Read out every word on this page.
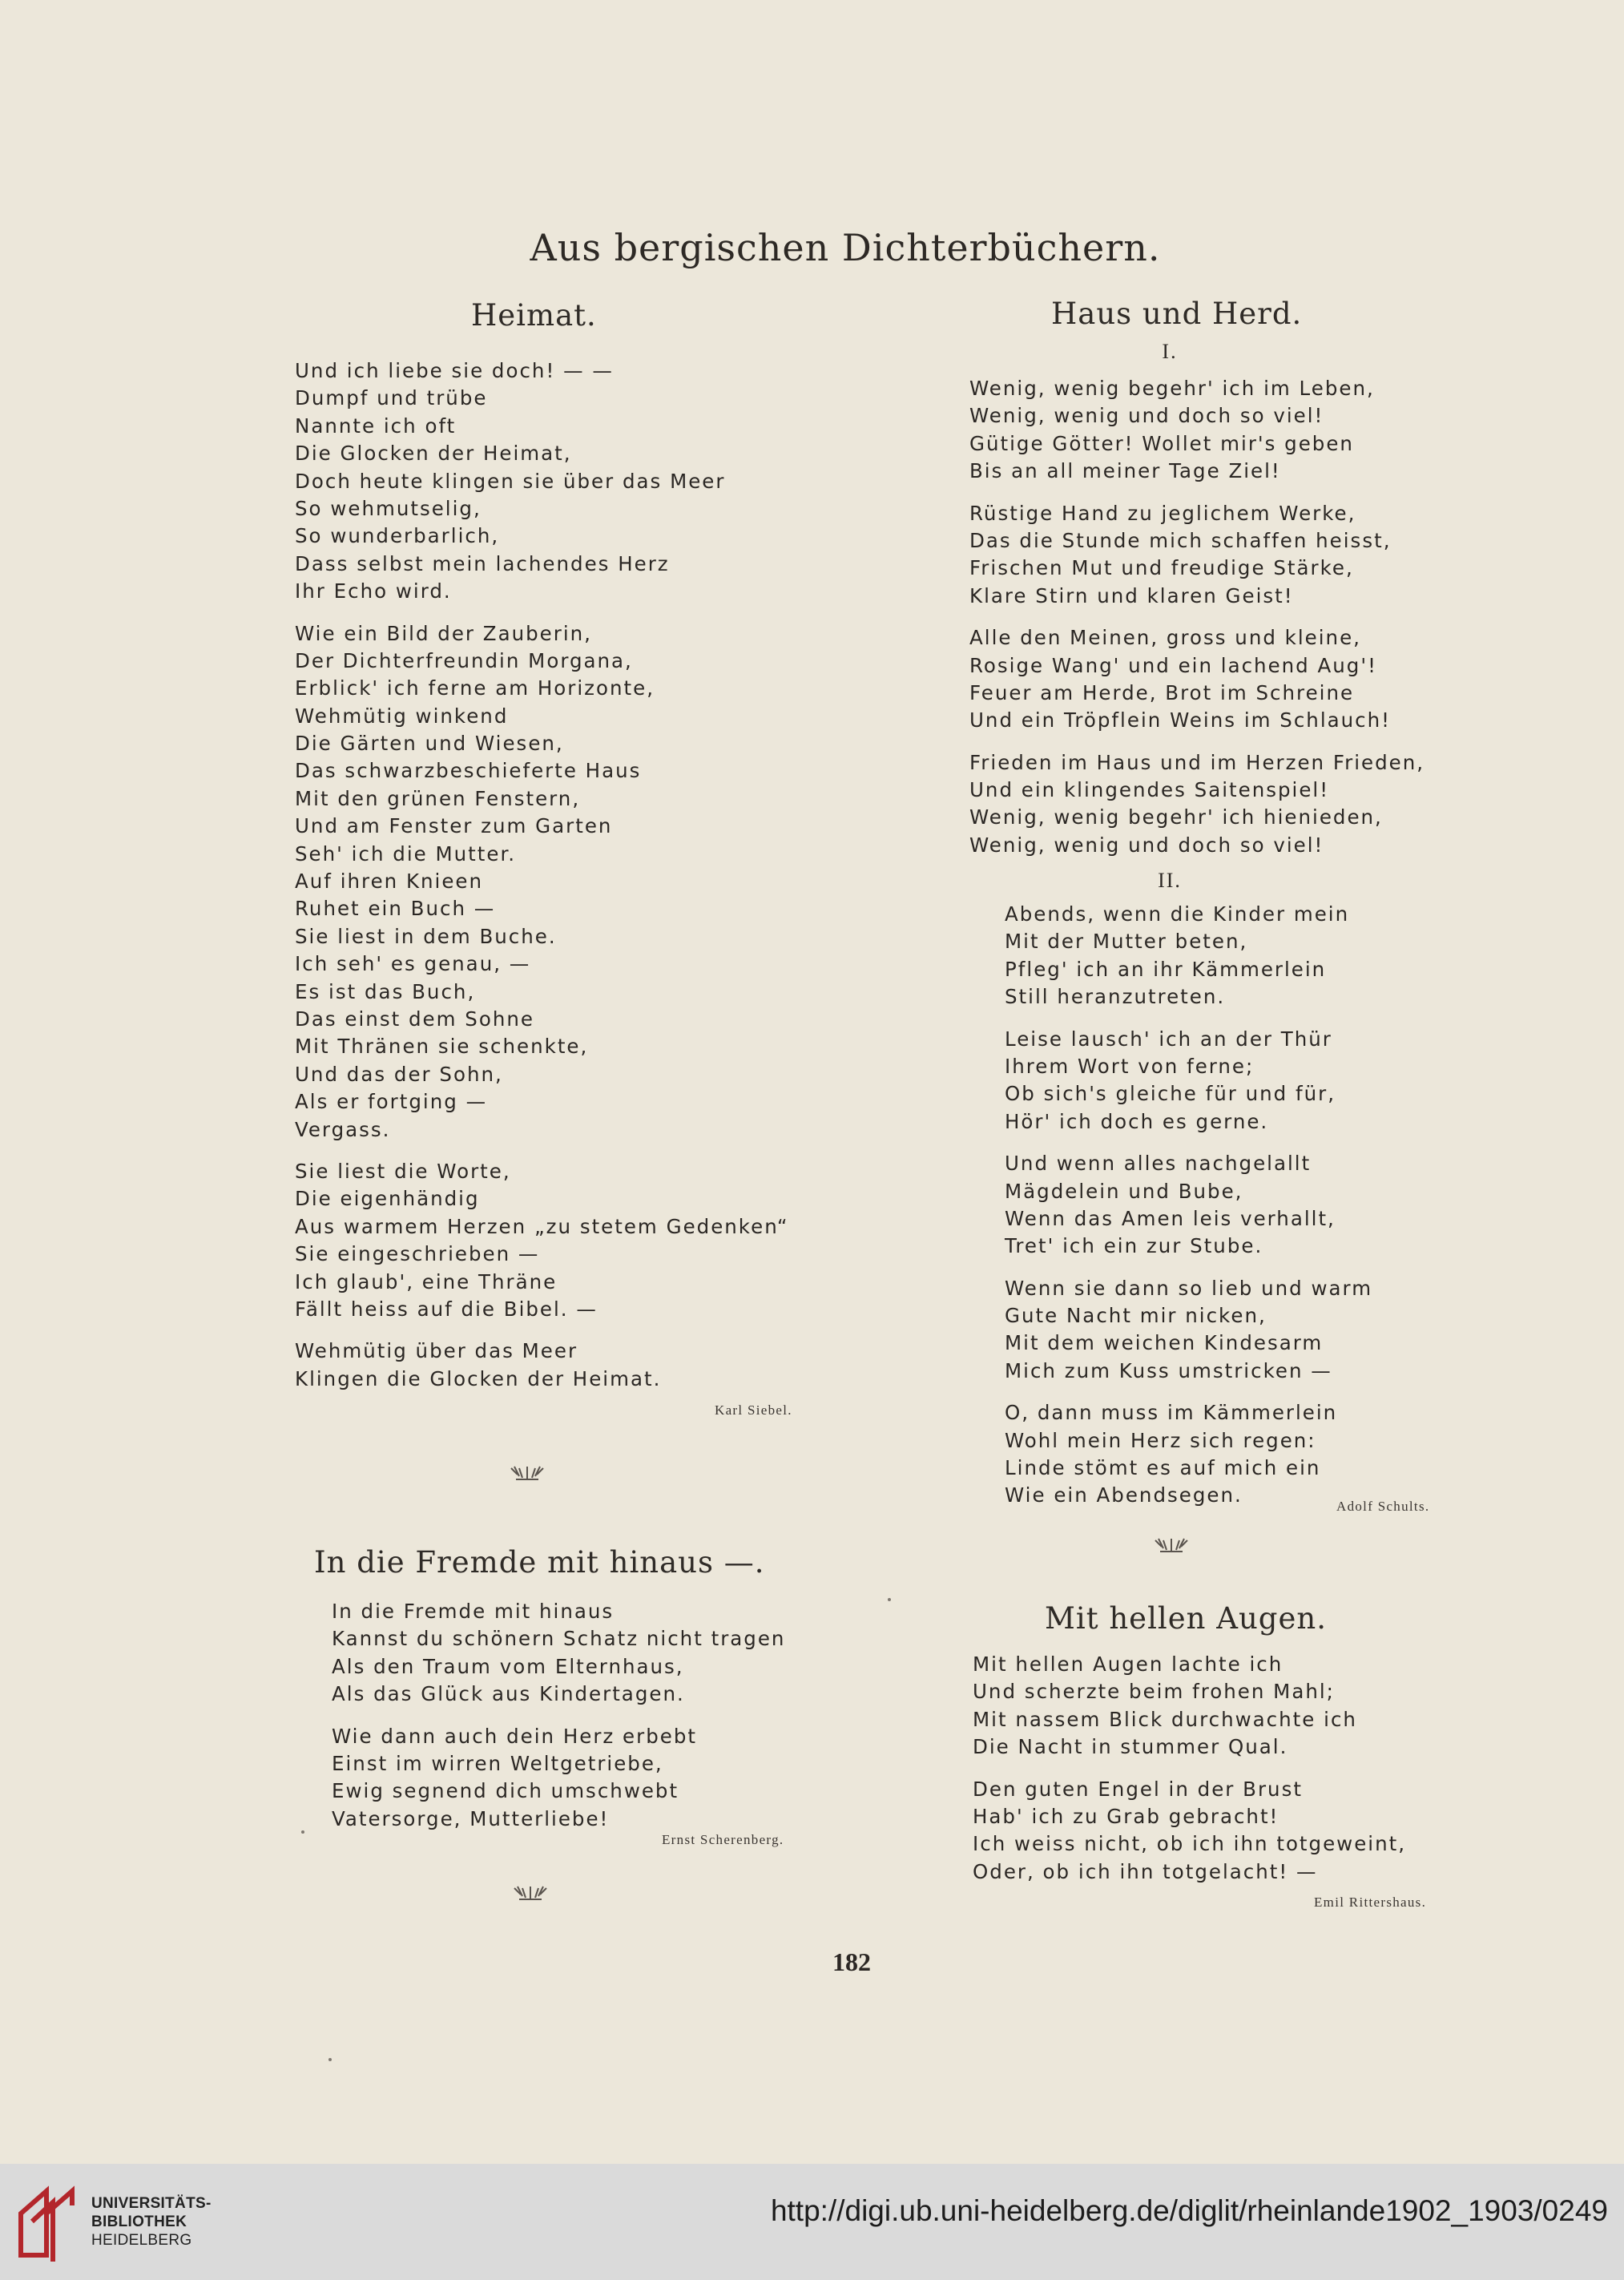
Aus bergischen Dichterbüchern.
Heimat.
Und ich liebe sie doch! — —
Dumpf und trübe
Nannte ich oft
Die Glocken der Heimat,
Doch heute klingen sie über das Meer
So wehmutselig,
So wunderbarlich,
Dass selbst mein lachendes Herz
Ihr Echo wird.
Wie ein Bild der Zauberin,
Der Dichterfreundin Morgana,
Erblick' ich ferne am Horizonte,
Wehmütig winkend
Die Gärten und Wiesen,
Das schwarzbeschieferte Haus
Mit den grünen Fenstern,
Und am Fenster zum Garten
Seh' ich die Mutter.
Auf ihren Knieen
Ruhet ein Buch —
Sie liest in dem Buche.
Ich seh' es genau, —
Es ist das Buch,
Das einst dem Sohne
Mit Thränen sie schenkte,
Und das der Sohn,
Als er fortging —
Vergass.
Sie liest die Worte,
Die eigenhändig
Aus warmem Herzen „zu stetem Gedenken“
Sie eingeschrieben —
Ich glaub', eine Thräne
Fällt heiss auf die Bibel. —
Wehmütig über das Meer
Klingen die Glocken der Heimat.
Karl Siebel.
In die Fremde mit hinaus —.
In die Fremde mit hinaus
Kannst du schönern Schatz nicht tragen
Als den Traum vom Elternhaus,
Als das Glück aus Kindertagen.
Wie dann auch dein Herz erbebt
Einst im wirren Weltgetriebe,
Ewig segnend dich umschwebt
Vatersorge, Mutterliebe!
Ernst Scherenberg.
Haus und Herd.
I.
Wenig, wenig begehr' ich im Leben,
Wenig, wenig und doch so viel!
Gütige Götter! Wollet mir's geben
Bis an all meiner Tage Ziel!
Rüstige Hand zu jeglichem Werke,
Das die Stunde mich schaffen heisst,
Frischen Mut und freudige Stärke,
Klare Stirn und klaren Geist!
Alle den Meinen, gross und kleine,
Rosige Wang' und ein lachend Aug'!
Feuer am Herde, Brot im Schreine
Und ein Tröpflein Weins im Schlauch!
Frieden im Haus und im Herzen Frieden,
Und ein klingendes Saitenspiel!
Wenig, wenig begehr' ich hienieden,
Wenig, wenig und doch so viel!
II.
Abends, wenn die Kinder mein
Mit der Mutter beten,
Pfleg' ich an ihr Kämmerlein
Still heranzutreten.
Leise lausch' ich an der Thür
Ihrem Wort von ferne;
Ob sich's gleiche für und für,
Hör' ich doch es gerne.
Und wenn alles nachgelallt
Mägdelein und Bube,
Wenn das Amen leis verhallt,
Tret' ich ein zur Stube.
Wenn sie dann so lieb und warm
Gute Nacht mir nicken,
Mit dem weichen Kindesarm
Mich zum Kuss umstricken —
O, dann muss im Kämmerlein
Wohl mein Herz sich regen:
Linde stömt es auf mich ein
Wie ein Abendsegen.	Adolf Schults.
Mit hellen Augen.
Mit hellen Augen lachte ich
Und scherzte beim frohen Mahl;
Mit nassem Blick durchwachte ich
Die Nacht in stummer Qual.
Den guten Engel in der Brust
Hab' ich zu Grab gebracht!
Ich weiss nicht, ob ich ihn totgeweint,
Oder, ob ich ihn totgelacht! —
Emil Rittershaus.
182
UNIVERSITÄTS-
BIBLIOTHEK
HEIDELBERG
http://digi.ub.uni-heidelberg.de/diglit/rheinlande1902_1903/0249
